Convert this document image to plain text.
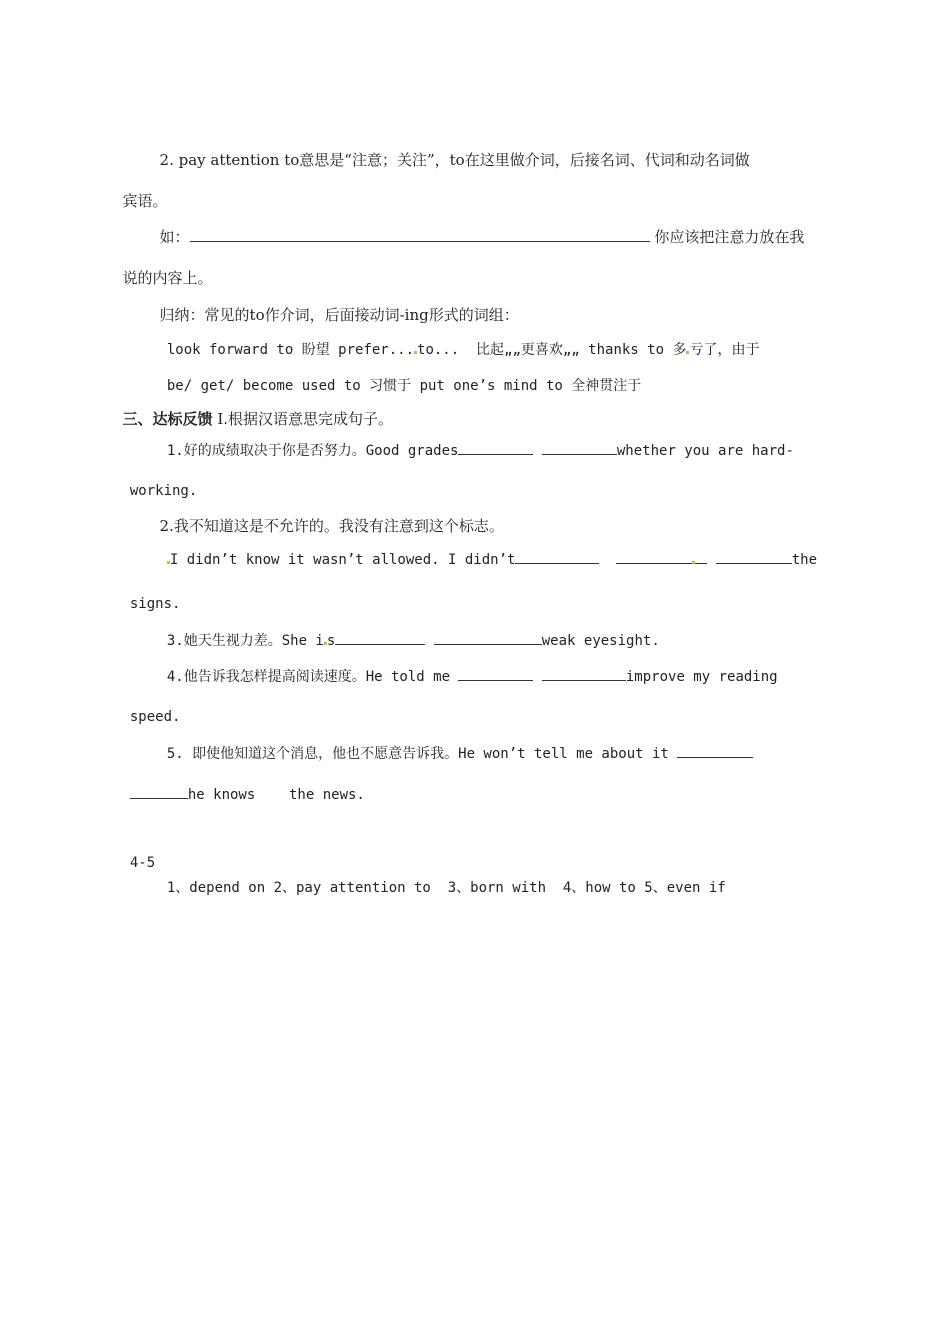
2. pay attention to意思是“注意；关注”，to在这里做介词，后接名词、代词和动名词做

宾语。

如：	你应该把注意力放在我

说的内容上。

归纳：常见的to作介词，后面接动词-ing形式的词组：

look forward to 盼望 prefer... to...  比起„„更喜欢„„ thanks to 多 亏了，由于

be/ get/ become used to 习惯于 put one’s mind to 全神贯注于

三、达标反馈 I.根据汉语意思完成句子。

1.好的成绩取决于你是否努力。Good grades	whether you are hard-

working.

2.我不知道这是不允许的。我没有注意到这个标志。

I didn’t know it wasn’t allowed. I didn’t	the

signs.

3.她天生视力差。She i s	weak eyesight.

4.他告诉我怎样提高阅读速度。He told me	improve my reading

speed.

5. 即使他知道这个消息，他也不愿意告诉我。He won’t tell me about it

he knows    the news.

4-5

1、depend on 2、pay attention to  3、born with  4、how to 5、even if
